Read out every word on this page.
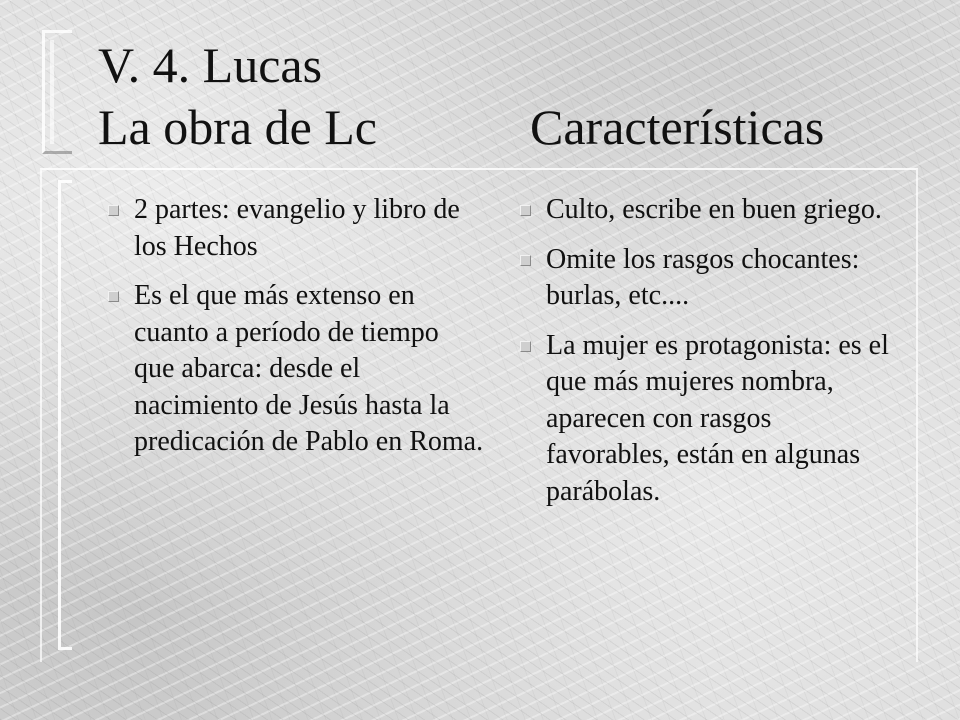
V. 4. Lucas
La obra de Lc	Características
2 partes: evangelio y libro de los Hechos
Es el que más extenso en cuanto a período de tiempo que abarca: desde el nacimiento de Jesús hasta la predicación de Pablo en Roma.
Culto, escribe en buen griego.
Omite los rasgos chocantes: burlas, etc....
La mujer es protagonista: es el que más mujeres nombra, aparecen con rasgos favorables, están en algunas parábolas.
